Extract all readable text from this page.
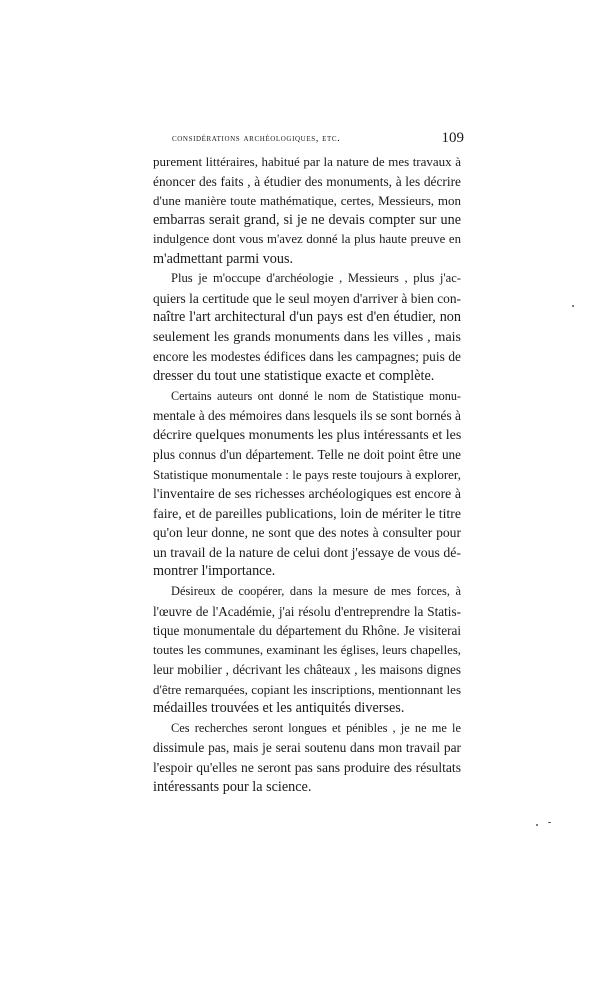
considérations archéologiques, etc.	109
purement littéraires, habitué par la nature de mes travaux à
énoncer des faits , à étudier des monuments, à les décrire
d'une manière toute mathématique, certes, Messieurs, mon
embarras serait grand, si je ne devais compter sur une
indulgence dont vous m'avez donné la plus haute preuve en
m'admettant parmi vous.
Plus je m'occupe d'archéologie , Messieurs , plus j'ac-
quiers la certitude que le seul moyen d'arriver à bien con-
naître l'art architectural d'un pays est d'en étudier, non
seulement les grands monuments dans les villes , mais
encore les modestes édifices dans les campagnes; puis de
dresser du tout une statistique exacte et complète.
Certains auteurs ont donné le nom de Statistique monu-
mentale à des mémoires dans lesquels ils se sont bornés à
décrire quelques monuments les plus intéressants et les
plus connus d'un département. Telle ne doit point être une
Statistique monumentale : le pays reste toujours à explorer,
l'inventaire de ses richesses archéologiques est encore à
faire, et de pareilles publications, loin de mériter le titre
qu'on leur donne, ne sont que des notes à consulter pour
un travail de la nature de celui dont j'essaye de vous dé-
montrer l'importance.
Désireux de coopérer, dans la mesure de mes forces, à
l'œuvre de l'Académie, j'ai résolu d'entreprendre la Statis-
tique monumentale du département du Rhône. Je visiterai
toutes les communes, examinant les églises, leurs chapelles,
leur mobilier , décrivant les châteaux , les maisons dignes
d'être remarquées, copiant les inscriptions, mentionnant les
médailles trouvées et les antiquités diverses.
Ces recherches seront longues et pénibles , je ne me le
dissimule pas, mais je serai soutenu dans mon travail par
l'espoir qu'elles ne seront pas sans produire des résultats
intéressants pour la science.
